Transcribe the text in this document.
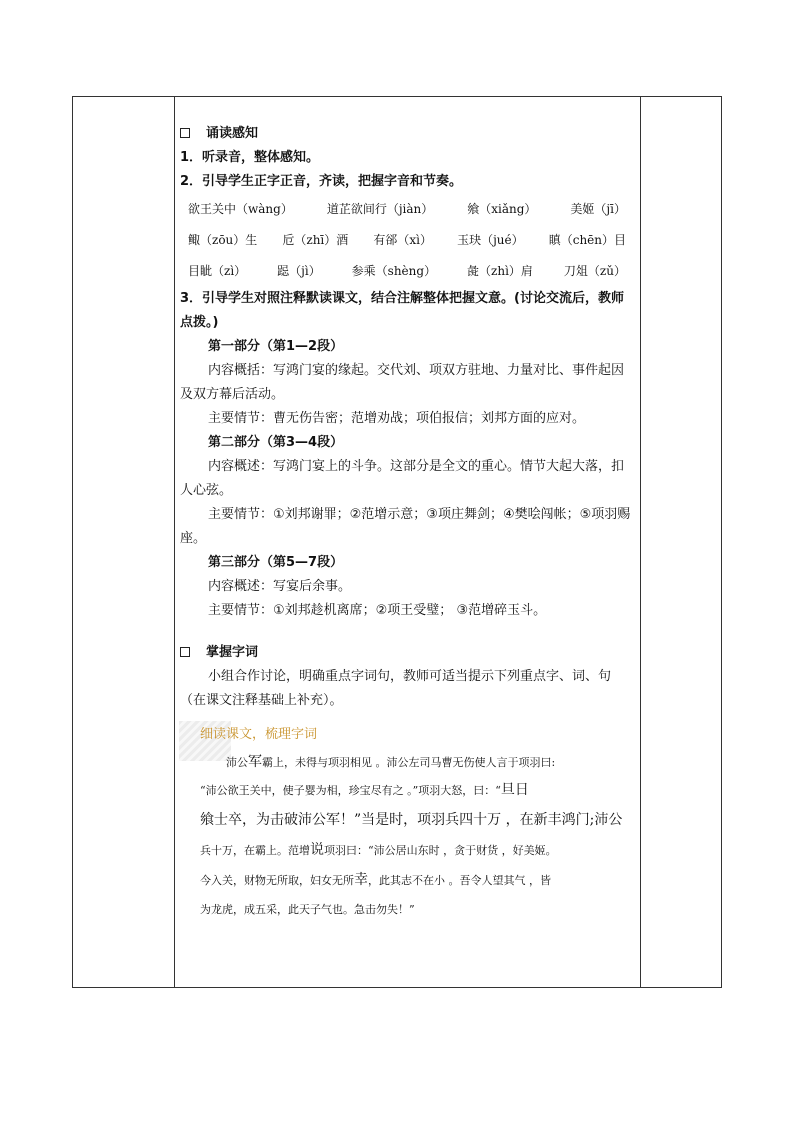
诵读感知
1．听录音，整体感知。
2．引导学生正字正音，齐读，把握字音和节奏。
欲王关中（wàng）	道芷欲间行（jiàn）	飨（xiǎng）	美姬（jī）
鲰（zōu）生 卮（zhī）酒 有郤（xì） 玉玦（jué） 瞋（chēn）目
目眦（zì）	跽（jì）	参乘（shèng）	彘（zhì）肩	刀俎（zǔ）
3．引导学生对照注释默读课文，结合注解整体把握文意。(讨论交流后，教师点拨。)
第一部分（第1—2段）
内容概括：写鸿门宴的缘起。交代刘、项双方驻地、力量对比、事件起因及双方幕后活动。
主要情节：曹无伤告密；范增劝战；项伯报信；刘邦方面的应对。
第二部分（第3—4段）
内容概述：写鸿门宴上的斗争。这部分是全文的重心。情节大起大落，扣人心弦。
主要情节：①刘邦谢罪；②范增示意；③项庄舞剑；④樊哙闯帐；⑤项羽赐座。
第三部分（第5—7段）
内容概述：写宴后余事。
主要情节：①刘邦趁机离席；②项王受璧； ③范增碎玉斗。
掌握字词
小组合作讨论，明确重点字词句，教师可适当提示下列重点字、词、句（在课文注释基础上补充）。
细读课文，梳理字词
沛公军霸上，未得与项羽相见 。沛公左司马曹无伤使人言于项羽曰:
“沛公欲王关中，使子婴为相，珍宝尽有之 。”项羽大怒，曰：“旦日
飨士卒，为击破沛公军！”当是时，项羽兵四十万 ，在新丰鸿门;沛公
兵十万，在霸上。范增说项羽曰：“沛公居山东时 ，贪于财货 ，好美姬。
今入关，财物无所取，妇女无所幸，此其志不在小 。吾令人望其气 ，皆
为龙虎，成五采，此天子气也。急击勿失！”
